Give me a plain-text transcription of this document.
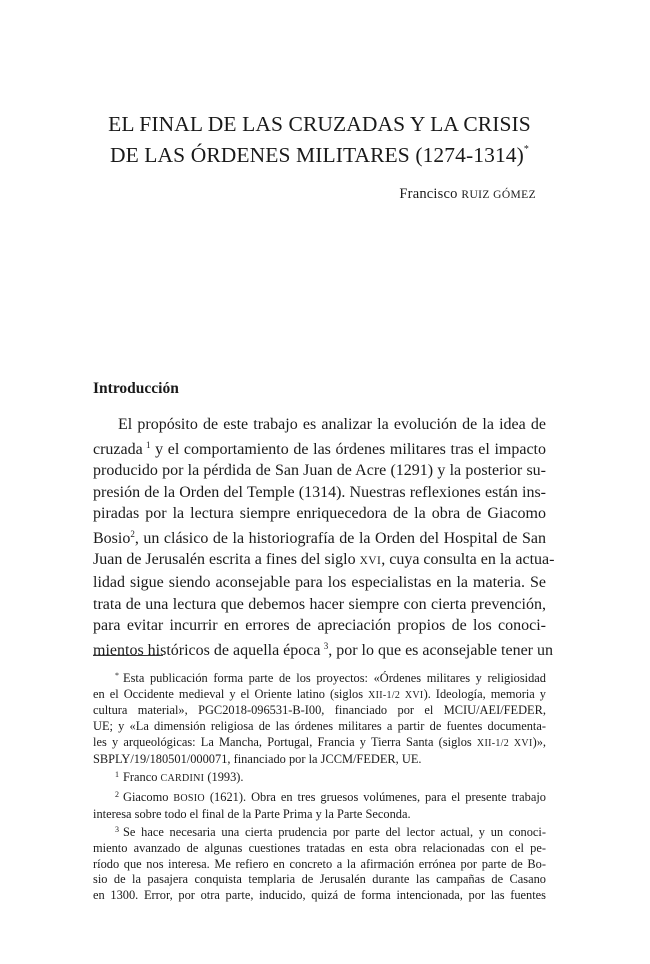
EL FINAL DE LAS CRUZADAS Y LA CRISIS
DE LAS ÓRDENES MILITARES (1274-1314)*
Francisco RUIZ GÓMEZ
Introducción
El propósito de este trabajo es analizar la evolución de la idea de
cruzada  $^1$ y el comportamiento de las órdenes militares tras el impacto
producido por la pérdida de San Juan de Acre (1291) y la posterior su-
presión de la Orden del Temple (1314). Nuestras reflexiones están ins-
piradas por la lectura siempre enriquecedora de la obra de Giacomo
Bosio$^2$, un clásico de la historiografía de la Orden del Hospital de San
Juan de Jerusalén escrita a fines del siglo XVI, cuya consulta en la actua-
lidad sigue siendo aconsejable para los especialistas en la materia. Se
trata de una lectura que debemos hacer siempre con cierta prevención,
para evitar incurrir en errores de apreciación propios de los conoci-
mientos históricos de aquella época  $^3$, por lo que es aconsejable tener un
* Esta publicación forma parte de los proyectos: «Órdenes militares y religiosidad
en el Occidente medieval y el Oriente latino (siglos XII-1/2 XVI). Ideología, memoria y
cultura material», PGC2018-096531-B-I00, financiado por el MCIU/AEI/FEDER,
UE; y «La dimensión religiosa de las órdenes militares a partir de fuentes documenta-
les y arqueológicas: La Mancha, Portugal, Francia y Tierra Santa (siglos XII-1/2 XVI)»,
SBPLY/19/180501/000071, financiado por la JCCM/FEDER, UE.
$^1$ Franco CARDINI (1993).
$^2$ Giacomo BOSIO (1621). Obra en tres gruesos volúmenes, para el presente trabajo
interesa sobre todo el final de la Parte Prima y la Parte Seconda.
$^3$ Se hace necesaria una cierta prudencia por parte del lector actual, y un conoci-
miento avanzado de algunas cuestiones tratadas en esta obra relacionadas con el pe-
ríodo que nos interesa. Me refiero en concreto a la afirmación errónea por parte de Bo-
sio de la pasajera conquista templaria de Jerusalén durante las campañas de Casano
en 1300. Error, por otra parte, inducido, quizá de forma intencionada, por las fuentes
